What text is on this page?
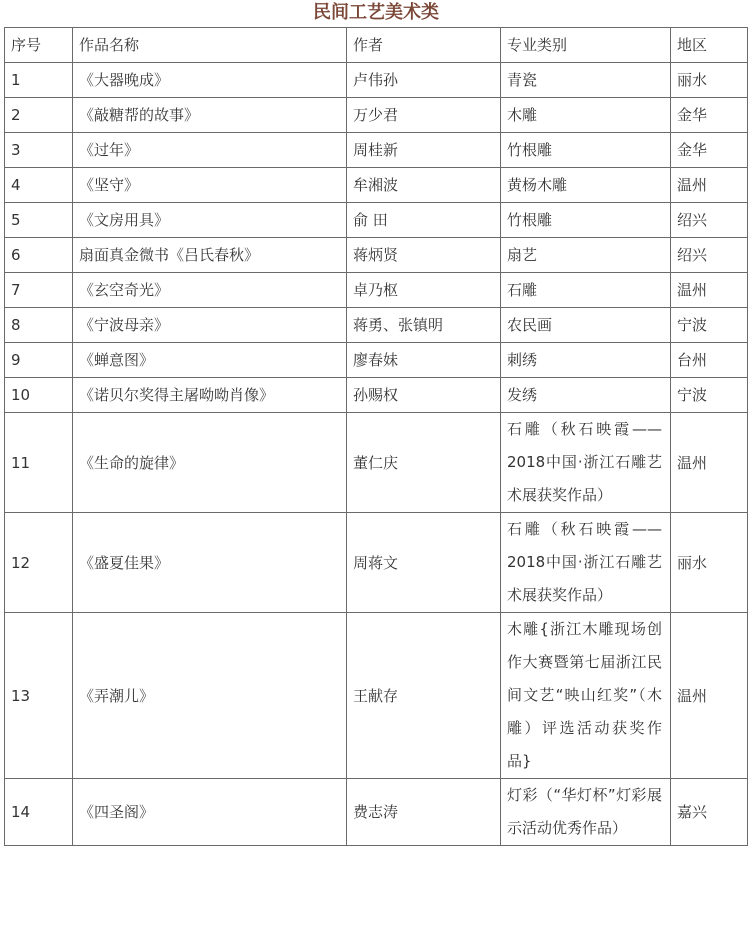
民间工艺美术类
序号	作品名称	作者	专业类别	地区
1	《大器晚成》	卢伟孙	青瓷	丽水
2	《敲糖帮的故事》	万少君	木雕	金华
3	《过年》	周桂新	竹根雕	金华
4	《坚守》	牟湘波	黄杨木雕	温州
5	《文房用具》	俞 田	竹根雕	绍兴
6	扇面真金微书《吕氏春秋》	蒋炳贤	扇艺	绍兴
7	《玄空奇光》	卓乃枢	石雕	温州
8	《宁波母亲》	蒋勇、张镇明	农民画	宁波
9	《蝉意图》	廖春妹	刺绣	台州
10	《诺贝尔奖得主屠呦呦肖像》	孙赐权	发绣	宁波
11	《生命的旋律》	董仁庆	石雕（秋石映霞——2018中国·浙江石雕艺术展获奖作品）	温州
12	《盛夏佳果》	周蒋文	石雕（秋石映霞——2018中国·浙江石雕艺术展获奖作品）	丽水
13	《弄潮儿》	王献存	木雕{浙江木雕现场创作大赛暨第七届浙江民间文艺“映山红奖”（木雕）评选活动获奖作品}	温州
14	《四圣阁》	费志涛	灯彩（“华灯杯”灯彩展示活动优秀作品）	嘉兴
